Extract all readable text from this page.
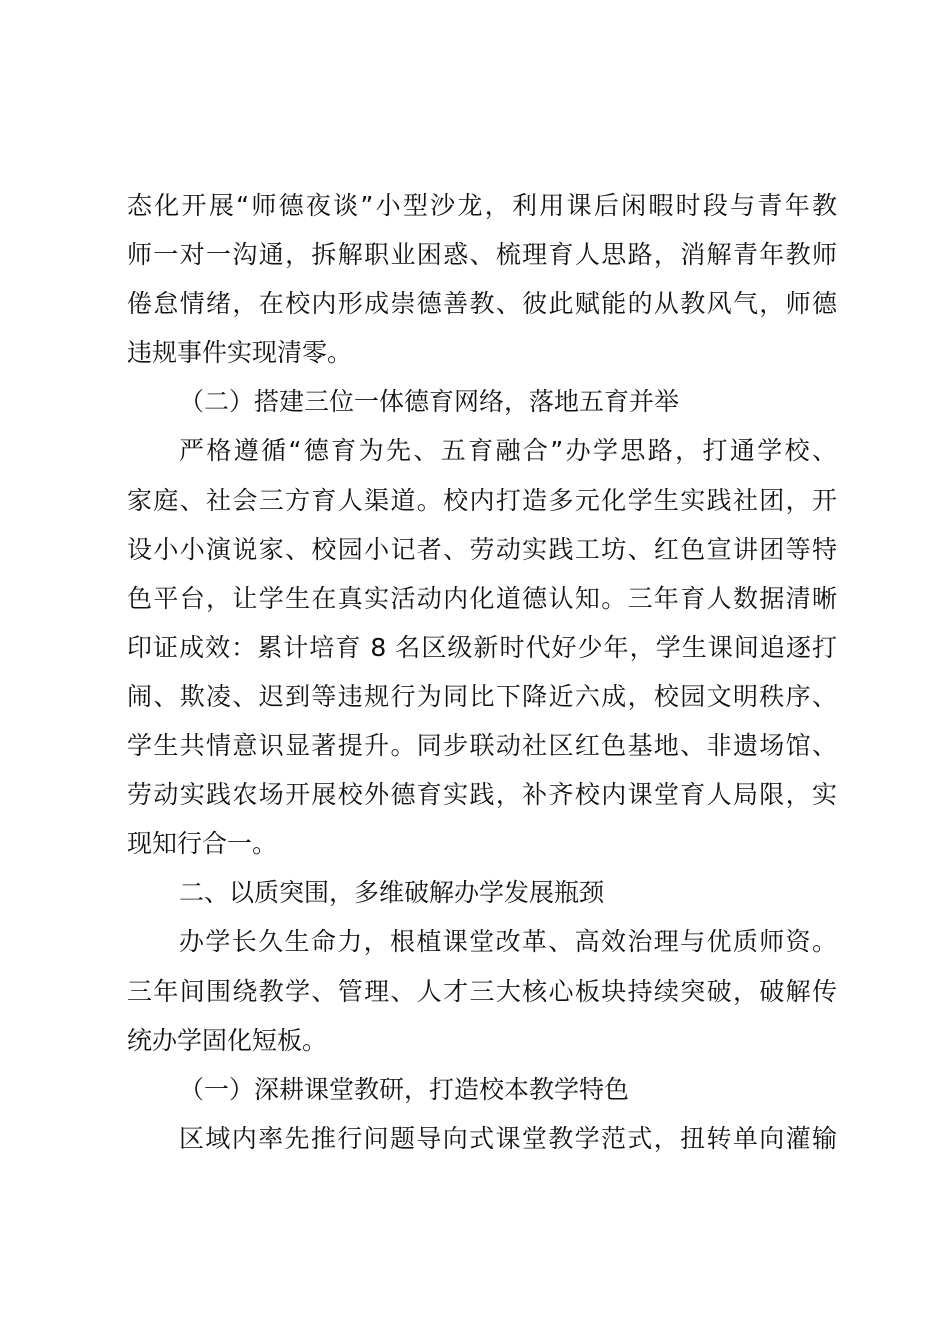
态化开展“师德夜谈”小型沙龙，利用课后闲暇时段与青年教
师一对一沟通，拆解职业困惑、梳理育人思路，消解青年教师
倦怠情绪，在校内形成崇德善教、彼此赋能的从教风气，师德
违规事件实现清零。
（二）搭建三位一体德育网络，落地五育并举
严格遵循“德育为先、五育融合”办学思路，打通学校、
家庭、社会三方育人渠道。校内打造多元化学生实践社团，开
设小小演说家、校园小记者、劳动实践工坊、红色宣讲团等特
色平台，让学生在真实活动内化道德认知。三年育人数据清晰
印证成效：累计培育 8 名区级新时代好少年，学生课间追逐打
闹、欺凌、迟到等违规行为同比下降近六成，校园文明秩序、
学生共情意识显著提升。同步联动社区红色基地、非遗场馆、
劳动实践农场开展校外德育实践，补齐校内课堂育人局限，实
现知行合一。
二、以质突围，多维破解办学发展瓶颈
办学长久生命力，根植课堂改革、高效治理与优质师资。
三年间围绕教学、管理、人才三大核心板块持续突破，破解传
统办学固化短板。
（一）深耕课堂教研，打造校本教学特色
区域内率先推行问题导向式课堂教学范式，扭转单向灌输
